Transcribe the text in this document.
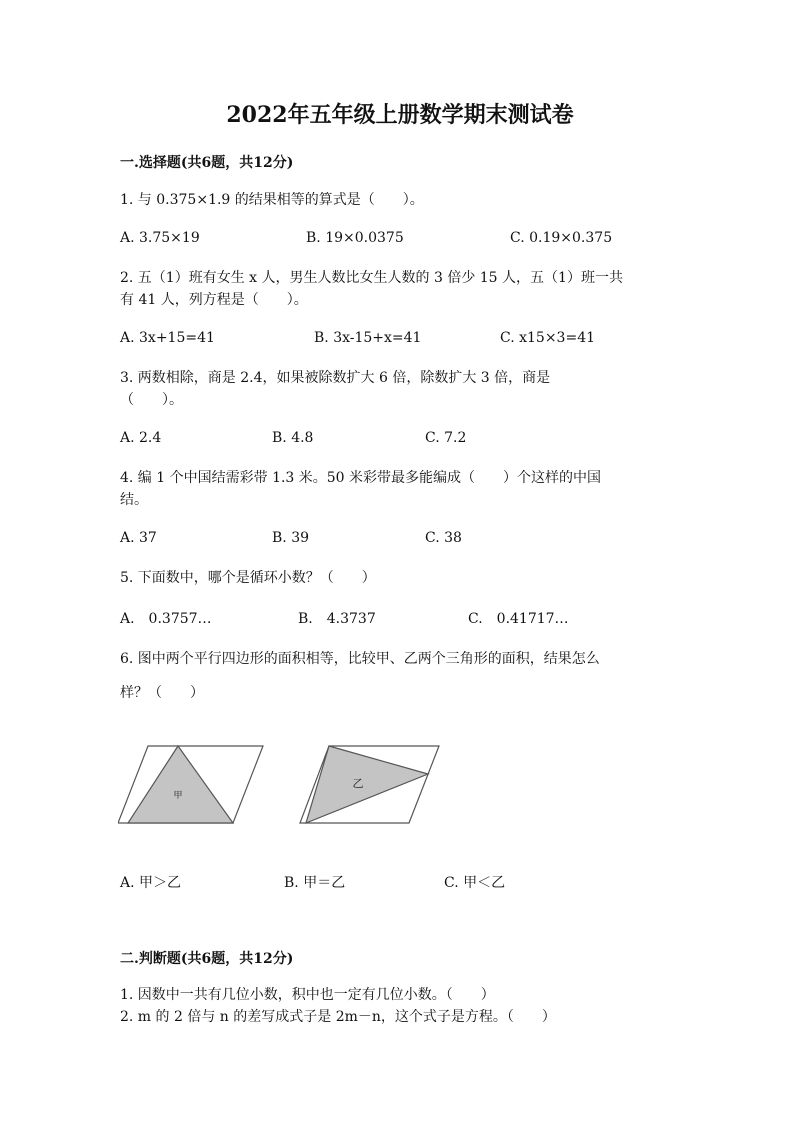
2022年五年级上册数学期末测试卷
一.选择题(共6题，共12分)
1. 与 0.375×1.9 的结果相等的算式是（　　）。
A. 3.75×19	B. 19×0.0375	C. 0.19×0.375
2. 五（1）班有女生 x 人，男生人数比女生人数的 3 倍少 15 人，五（1）班一共
有 41 人，列方程是（　　）。
A. 3x+15=41	B. 3x-15+x=41	C. x15×3=41
3. 两数相除，商是 2.4，如果被除数扩大 6 倍，除数扩大 3 倍，商是
（　　）。
A. 2.4	B. 4.8	C. 7.2
4. 编 1 个中国结需彩带 1.3 米。50 米彩带最多能编成（　　）个这样的中国
结。
A. 37	B. 39	C. 38
5. 下面数中，哪个是循环小数？（　　）
A.　0.3757…	B.　4.3737	C.　0.41717…
6. 图中两个平行四边形的面积相等，比较甲、乙两个三角形的面积，结果怎么
样？（　　）
甲
乙
A. 甲＞乙	B. 甲＝乙	C. 甲＜乙
二.判断题(共6题，共12分)
1. 因数中一共有几位小数，积中也一定有几位小数。（　　）
2. m 的 2 倍与 n 的差写成式子是 2m－n，这个式子是方程。（　　）
